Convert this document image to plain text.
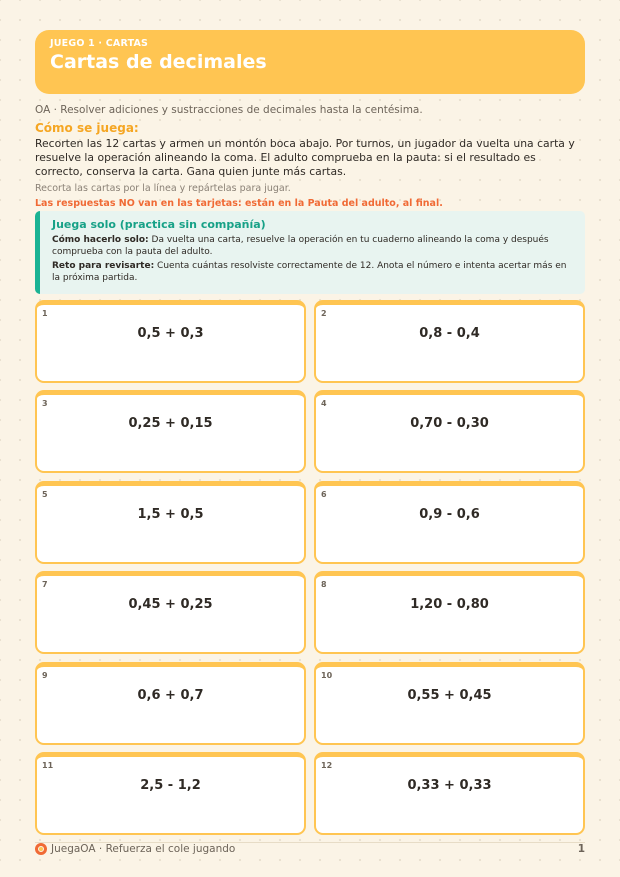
JUEGO 1 · CARTAS
Cartas de decimales
OA · Resolver adiciones y sustracciones de decimales hasta la centésima.
Cómo se juega:
Recorten las 12 cartas y armen un montón boca abajo. Por turnos, un jugador da vuelta una carta y resuelve la operación alineando la coma. El adulto comprueba en la pauta: si el resultado es correcto, conserva la carta. Gana quien junte más cartas.
Recorta las cartas por la línea y repártelas para jugar.
Las respuestas NO van en las tarjetas: están en la Pauta del adulto, al final.
Juega solo (practica sin compañía)
Cómo hacerlo solo: Da vuelta una carta, resuelve la operación en tu cuaderno alineando la coma y después comprueba con la pauta del adulto.
Reto para revisarte: Cuenta cuántas resolviste correctamente de 12. Anota el número e intenta acertar más en la próxima partida.
1
0,5 + 0,3
2
0,8 - 0,4
3
0,25 + 0,15
4
0,70 - 0,30
5
1,5 + 0,5
6
0,9 - 0,6
7
0,45 + 0,25
8
1,20 - 0,80
9
0,6 + 0,7
10
0,55 + 0,45
11
2,5 - 1,2
12
0,33 + 0,33
JuegaOA · Refuerza el cole jugando	1
